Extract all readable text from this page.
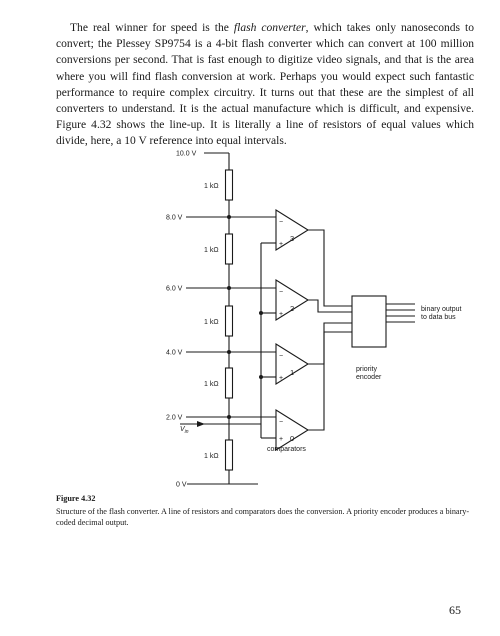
The real winner for speed is the flash converter, which takes only nanoseconds to convert; the Plessey SP9754 is a 4-bit flash converter which can convert at 100 million conversions per second. That is fast enough to digitize video signals, and that is the area where you will find flash conversion at work. Perhaps you would expect such fantastic performance to require complex circuitry. It turns out that these are the simplest of all converters to understand. It is the actual manufacture which is difficult, and expensive. Figure 4.32 shows the line-up. It is literally a line of resistors of equal values which divide, here, a 10 V reference into equal intervals.

10.0 V
8.0 V
6.0 V
4.0 V
2.0 V
0 V
1 kΩ
1 kΩ
1 kΩ
1 kΩ
1 kΩ
$V_{in}$
−
+
−
+
−
+
−
+
3
2
1
0
comparators
priority
encoder
binary output
to data bus
Figure 4.32

Structure of the flash converter. A line of resistors and comparators does the conversion. A priority encoder produces a binary-coded decimal output.

65
